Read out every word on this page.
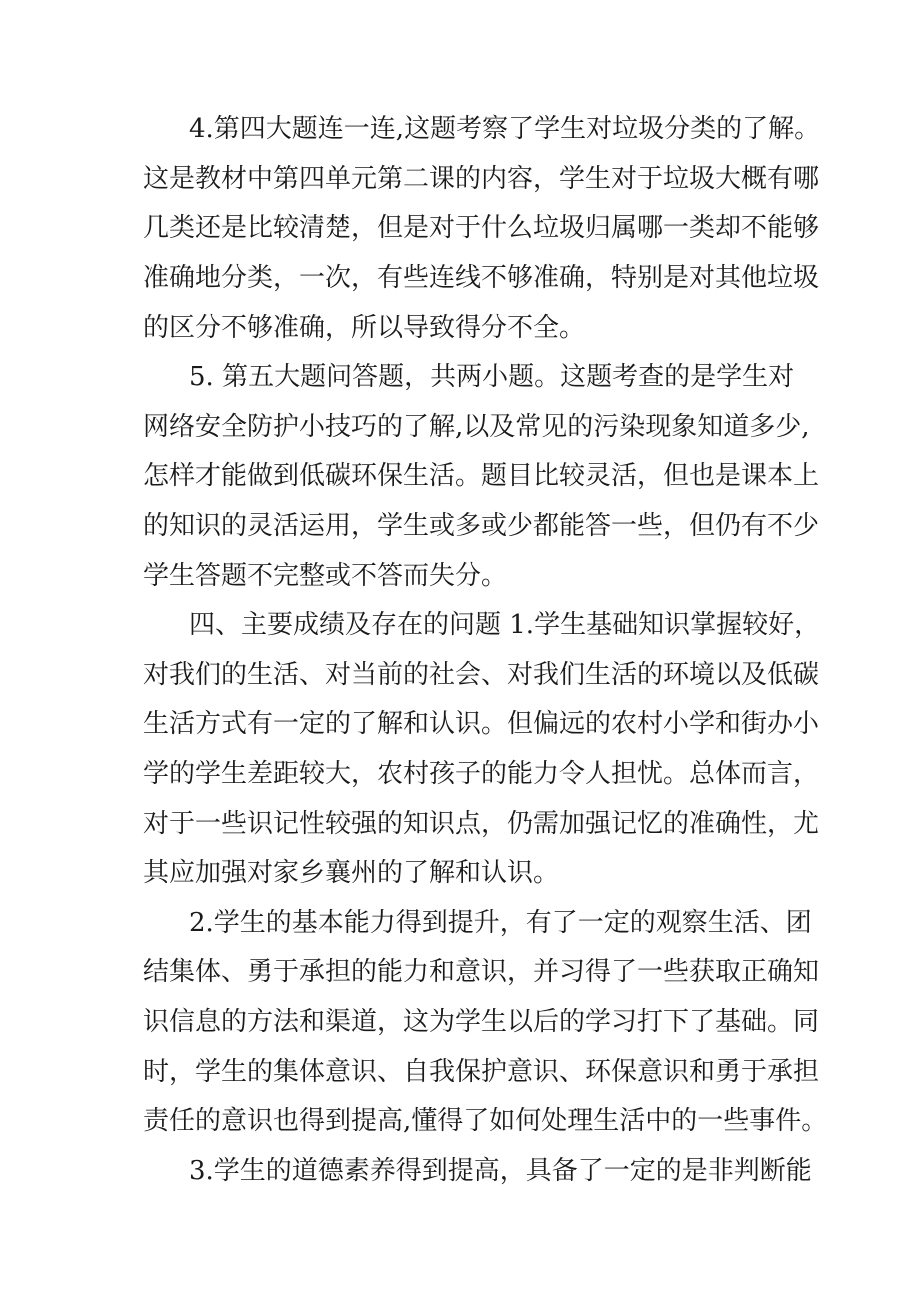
4.第四大题连一连,这题考察了学生对垃圾分类的了解。
这是教材中第四单元第二课的内容，学生对于垃圾大概有哪
几类还是比较清楚，但是对于什么垃圾归属哪一类却不能够
准确地分类，一次，有些连线不够准确，特别是对其他垃圾
的区分不够准确，所以导致得分不全。
5. 第五大题问答题，共两小题。这题考查的是学生对
网络安全防护小技巧的了解,以及常见的污染现象知道多少,
怎样才能做到低碳环保生活。题目比较灵活，但也是课本上
的知识的灵活运用，学生或多或少都能答一些，但仍有不少
学生答题不完整或不答而失分。
四、主要成绩及存在的问题 1.学生基础知识掌握较好，
对我们的生活、对当前的社会、对我们生活的环境以及低碳
生活方式有一定的了解和认识。但偏远的农村小学和街办小
学的学生差距较大，农村孩子的能力令人担忧。总体而言，
对于一些识记性较强的知识点，仍需加强记忆的准确性，尤
其应加强对家乡襄州的了解和认识。
2.学生的基本能力得到提升，有了一定的观察生活、团
结集体、勇于承担的能力和意识，并习得了一些获取正确知
识信息的方法和渠道，这为学生以后的学习打下了基础。同
时，学生的集体意识、自我保护意识、环保意识和勇于承担
责任的意识也得到提高,懂得了如何处理生活中的一些事件。
3.学生的道德素养得到提高，具备了一定的是非判断能
